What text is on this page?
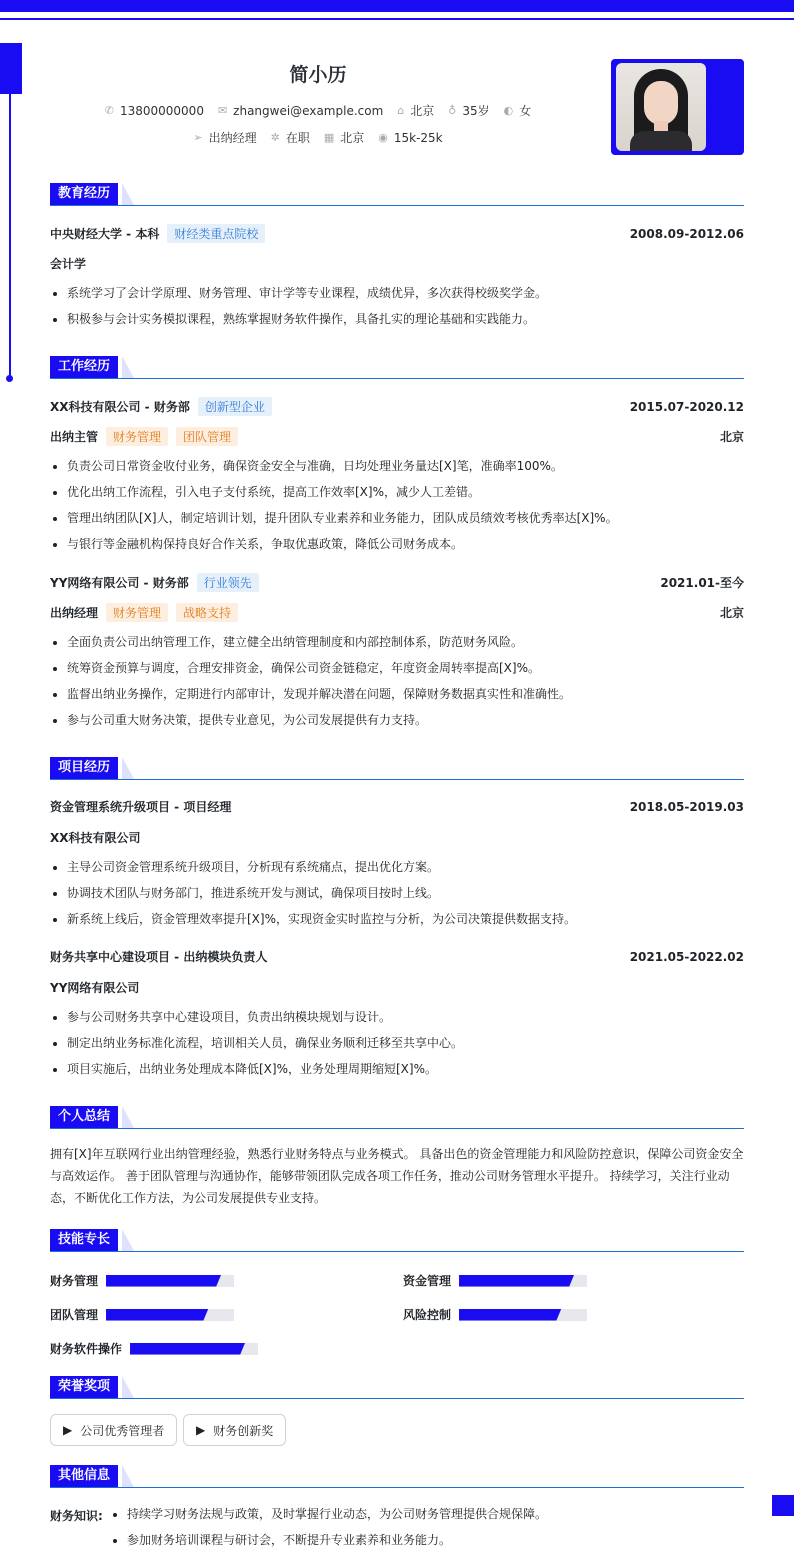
简小历
✆ 13800000000 ✉ zhangwei@example.com ⌂ 北京 ♁ 35岁 ◐ 女
➢ 出纳经理 ✲ 在职 ▦ 北京 ◉ 15k-25k
教育经历
中央财经大学 - 本科	财经类重点院校	2008.09-2012.06
会计学
• 系统学习了会计学原理、财务管理、审计学等专业课程，成绩优异，多次获得校级奖学金。
• 积极参与会计实务模拟课程，熟练掌握财务软件操作，具备扎实的理论基础和实践能力。
工作经历
XX科技有限公司 - 财务部	创新型企业	2015.07-2020.12
出纳主管	财务管理	团队管理	北京
• 负责公司日常资金收付业务，确保资金安全与准确，日均处理业务量达[X]笔，准确率100%。
• 优化出纳工作流程，引入电子支付系统，提高工作效率[X]%，减少人工差错。
• 管理出纳团队[X]人，制定培训计划，提升团队专业素养和业务能力，团队成员绩效考核优秀率达[X]%。
• 与银行等金融机构保持良好合作关系，争取优惠政策，降低公司财务成本。
YY网络有限公司 - 财务部	行业领先	2021.01-至今
出纳经理	财务管理	战略支持	北京
• 全面负责公司出纳管理工作，建立健全出纳管理制度和内部控制体系，防范财务风险。
• 统筹资金预算与调度，合理安排资金，确保公司资金链稳定，年度资金周转率提高[X]%。
• 监督出纳业务操作，定期进行内部审计，发现并解决潜在问题，保障财务数据真实性和准确性。
• 参与公司重大财务决策，提供专业意见，为公司发展提供有力支持。
项目经历
资金管理系统升级项目 - 项目经理	2018.05-2019.03
XX科技有限公司
• 主导公司资金管理系统升级项目，分析现有系统痛点，提出优化方案。
• 协调技术团队与财务部门，推进系统开发与测试，确保项目按时上线。
• 新系统上线后，资金管理效率提升[X]%，实现资金实时监控与分析，为公司决策提供数据支持。
财务共享中心建设项目 - 出纳模块负责人	2021.05-2022.02
YY网络有限公司
• 参与公司财务共享中心建设项目，负责出纳模块规划与设计。
• 制定出纳业务标准化流程，培训相关人员，确保业务顺利迁移至共享中心。
• 项目实施后，出纳业务处理成本降低[X]%，业务处理周期缩短[X]%。
个人总结
拥有[X]年互联网行业出纳管理经验，熟悉行业财务特点与业务模式。 具备出色的资金管理能力和风险防控意识，保障公司资金安全与高效运作。 善于团队管理与沟通协作，能够带领团队完成各项工作任务，推动公司财务管理水平提升。 持续学习，关注行业动态，不断优化工作方法，为公司发展提供专业支持。
技能专长
财务管理	资金管理
团队管理	风险控制
财务软件操作
荣誉奖项
▶ 公司优秀管理者	▶ 财务创新奖
其他信息
财务知识:
• 持续学习财务法规与政策，及时掌握行业动态，为公司财务管理提供合规保障。
• 参加财务培训课程与研讨会，不断提升专业素养和业务能力。
